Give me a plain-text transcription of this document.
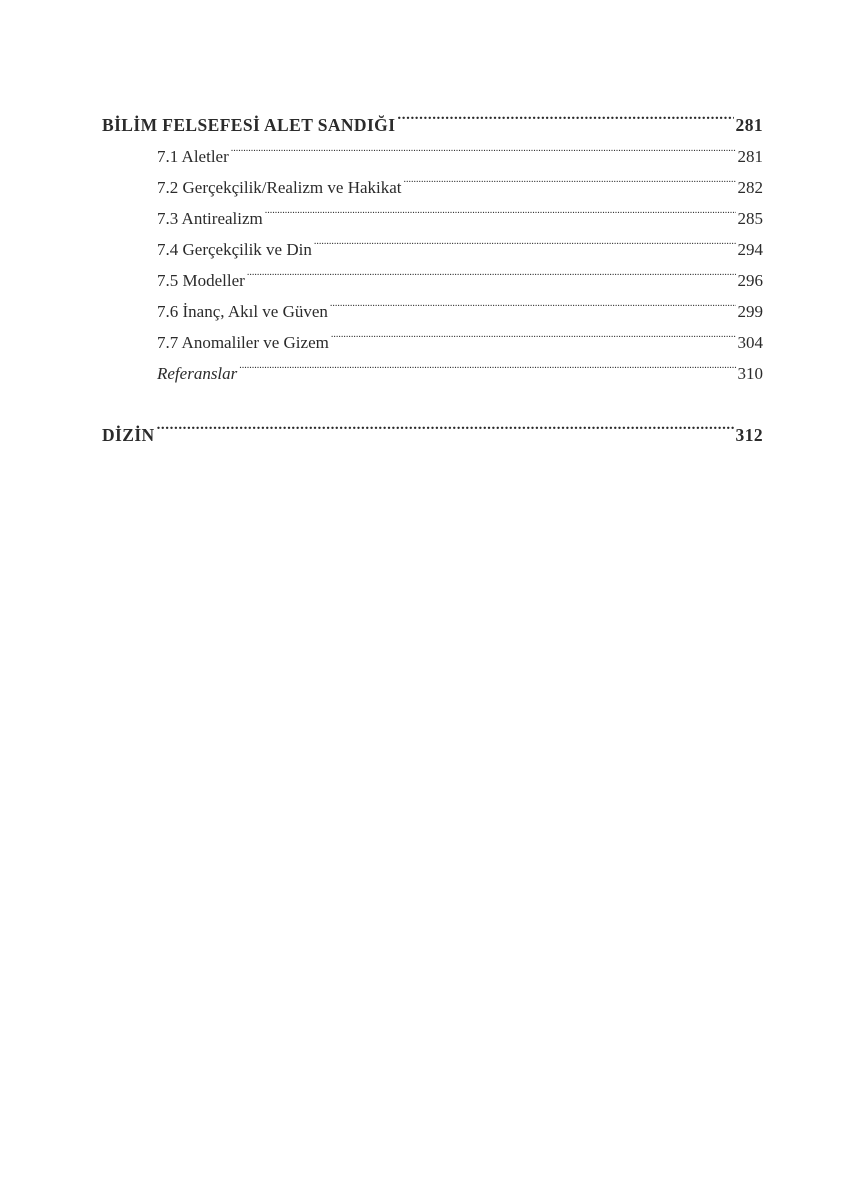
BİLİM FELSEFESİ ALET SANDIĞI .....	281
7.1 Aletler .....	281
7.2 Gerçekçilik/Realizm ve Hakikat .....	282
7.3 Antirealizm .....	285
7.4 Gerçekçilik ve Din .....	294
7.5 Modeller .....	296
7.6 İnanç, Akıl ve Güven .....	299
7.7 Anomaliler ve Gizem .....	304
Referanslar .....	310
DİZİN .....	312
